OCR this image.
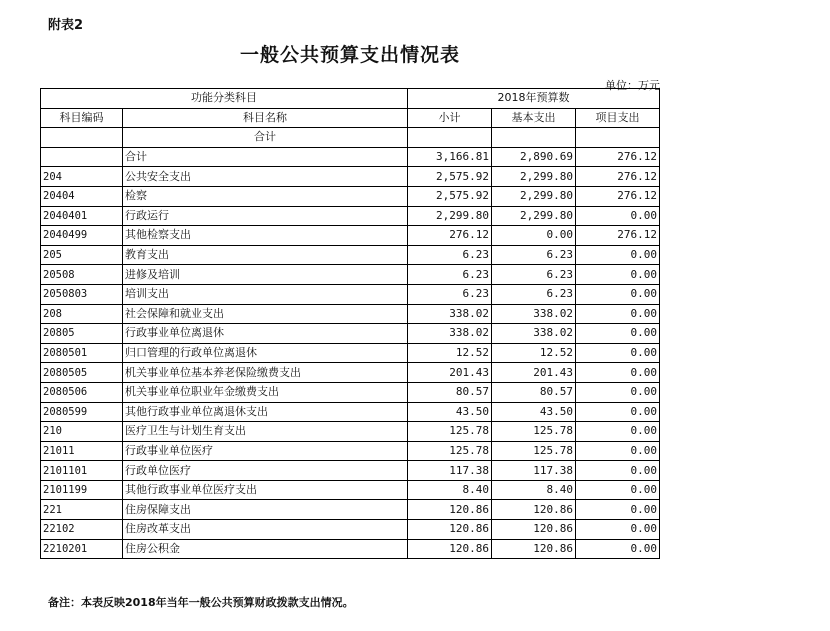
附表2
一般公共预算支出情况表
单位：万元
功能分类科目		2018年预算数		
科目编码	科目名称	小计	基本支出	项目支出
	合计			
	合计	3,166.81	2,890.69	276.12
204	公共安全支出	2,575.92	2,299.80	276.12
20404	检察	2,575.92	2,299.80	276.12
2040401	行政运行	2,299.80	2,299.80	0.00
2040499	其他检察支出	276.12	0.00	276.12
205	教育支出	6.23	6.23	0.00
20508	进修及培训	6.23	6.23	0.00
2050803	培训支出	6.23	6.23	0.00
208	社会保障和就业支出	338.02	338.02	0.00
20805	行政事业单位离退休	338.02	338.02	0.00
2080501	归口管理的行政单位离退休	12.52	12.52	0.00
2080505	机关事业单位基本养老保险缴费支出	201.43	201.43	0.00
2080506	机关事业单位职业年金缴费支出	80.57	80.57	0.00
2080599	其他行政事业单位离退休支出	43.50	43.50	0.00
210	医疗卫生与计划生育支出	125.78	125.78	0.00
21011	行政事业单位医疗	125.78	125.78	0.00
2101101	行政单位医疗	117.38	117.38	0.00
2101199	其他行政事业单位医疗支出	8.40	8.40	0.00
221	住房保障支出	120.86	120.86	0.00
22102	住房改革支出	120.86	120.86	0.00
2210201	住房公积金	120.86	120.86	0.00
备注：本表反映2018年当年一般公共预算财政拨款支出情况。
